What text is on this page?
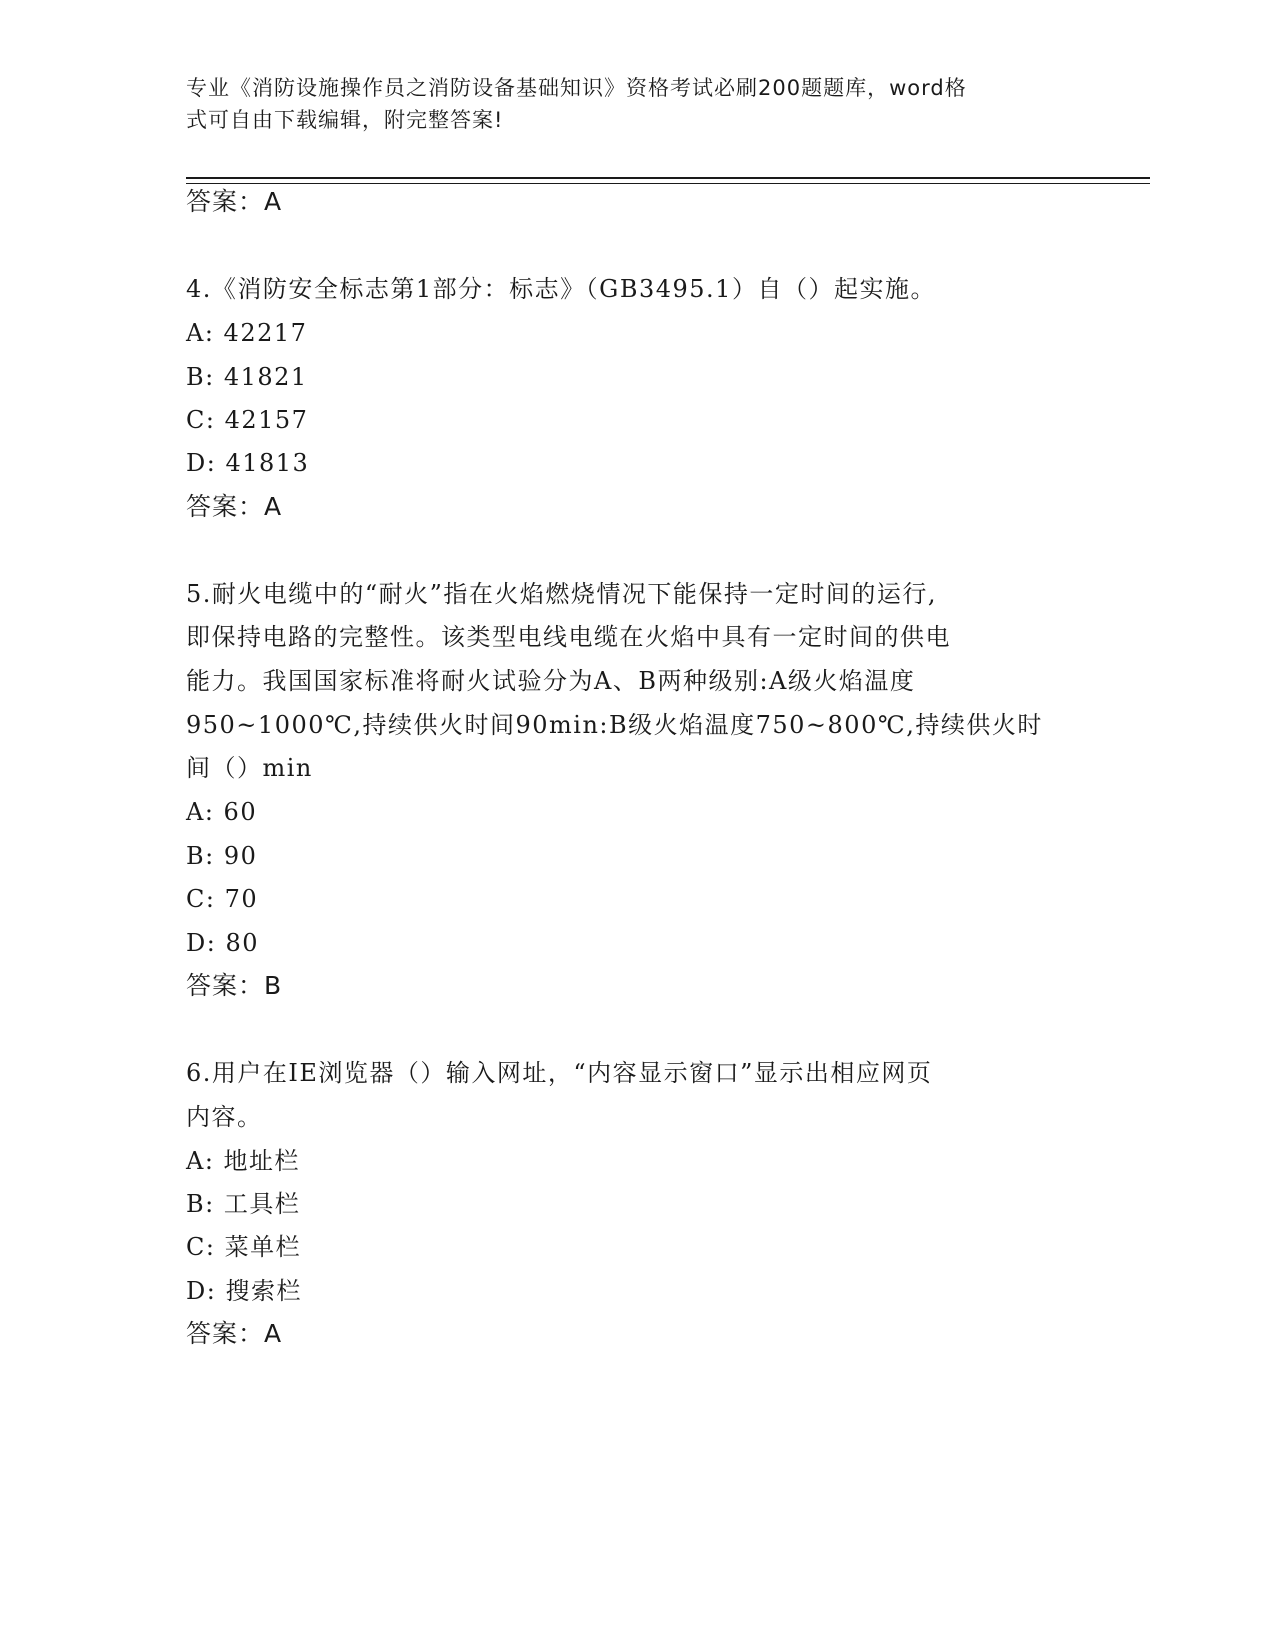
专业《消防设施操作员之消防设备基础知识》资格考试必刷200题题库，word格
式可自由下载编辑，附完整答案!
答案：A
4.《消防安全标志第1部分：标志》（GB3495.1）自（）起实施。
A: 42217
B: 41821
C: 42157
D: 41813
答案：A
5.耐火电缆中的“耐火”指在火焰燃烧情况下能保持一定时间的运行,
即保持电路的完整性。该类型电线电缆在火焰中具有一定时间的供电
能力。我国国家标准将耐火试验分为A、B两种级别:A级火焰温度
950~1000℃,持续供火时间90min:B级火焰温度750~800℃,持续供火时
间（）min
A: 60
B: 90
C: 70
D: 80
答案：B
6.用户在IE浏览器（）输入网址，“内容显示窗口”显示出相应网页
内容。
A: 地址栏
B: 工具栏
C: 菜单栏
D: 搜索栏
答案：A
